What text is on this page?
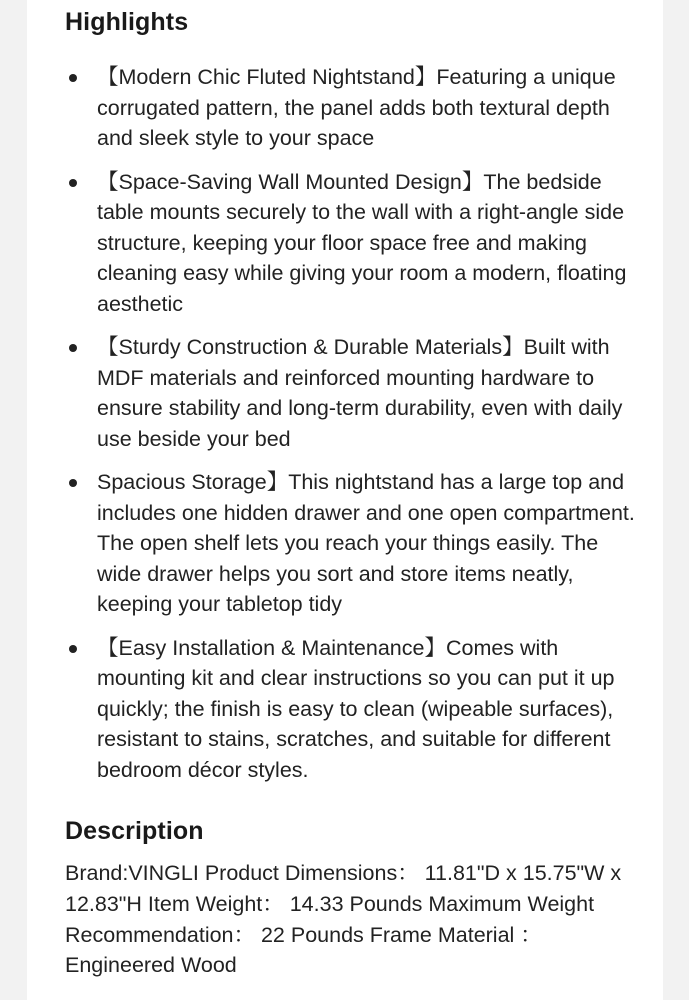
Highlights
【Modern Chic Fluted Nightstand】Featuring a unique corrugated pattern, the panel adds both textural depth and sleek style to your space
【Space-Saving Wall Mounted Design】The bedside table mounts securely to the wall with a right-angle side structure, keeping your floor space free and making cleaning easy while giving your room a modern, floating aesthetic
【Sturdy Construction & Durable Materials】Built with MDF materials and reinforced mounting hardware to ensure stability and long-term durability, even with daily use beside your bed
Spacious Storage】This nightstand has a large top and includes one hidden drawer and one open compartment. The open shelf lets you reach your things easily. The wide drawer helps you sort and store items neatly, keeping your tabletop tidy
【Easy Installation & Maintenance】Comes with mounting kit and clear instructions so you can put it up quickly; the finish is easy to clean (wipeable surfaces), resistant to stains, scratches, and suitable for different bedroom décor styles.
Description

Brand:VINGLI Product Dimensions： 11.81"D x 15.75"W x 12.83"H Item Weight： 14.33 Pounds Maximum Weight Recommendation： 22 Pounds Frame Material ： Engineered Wood
